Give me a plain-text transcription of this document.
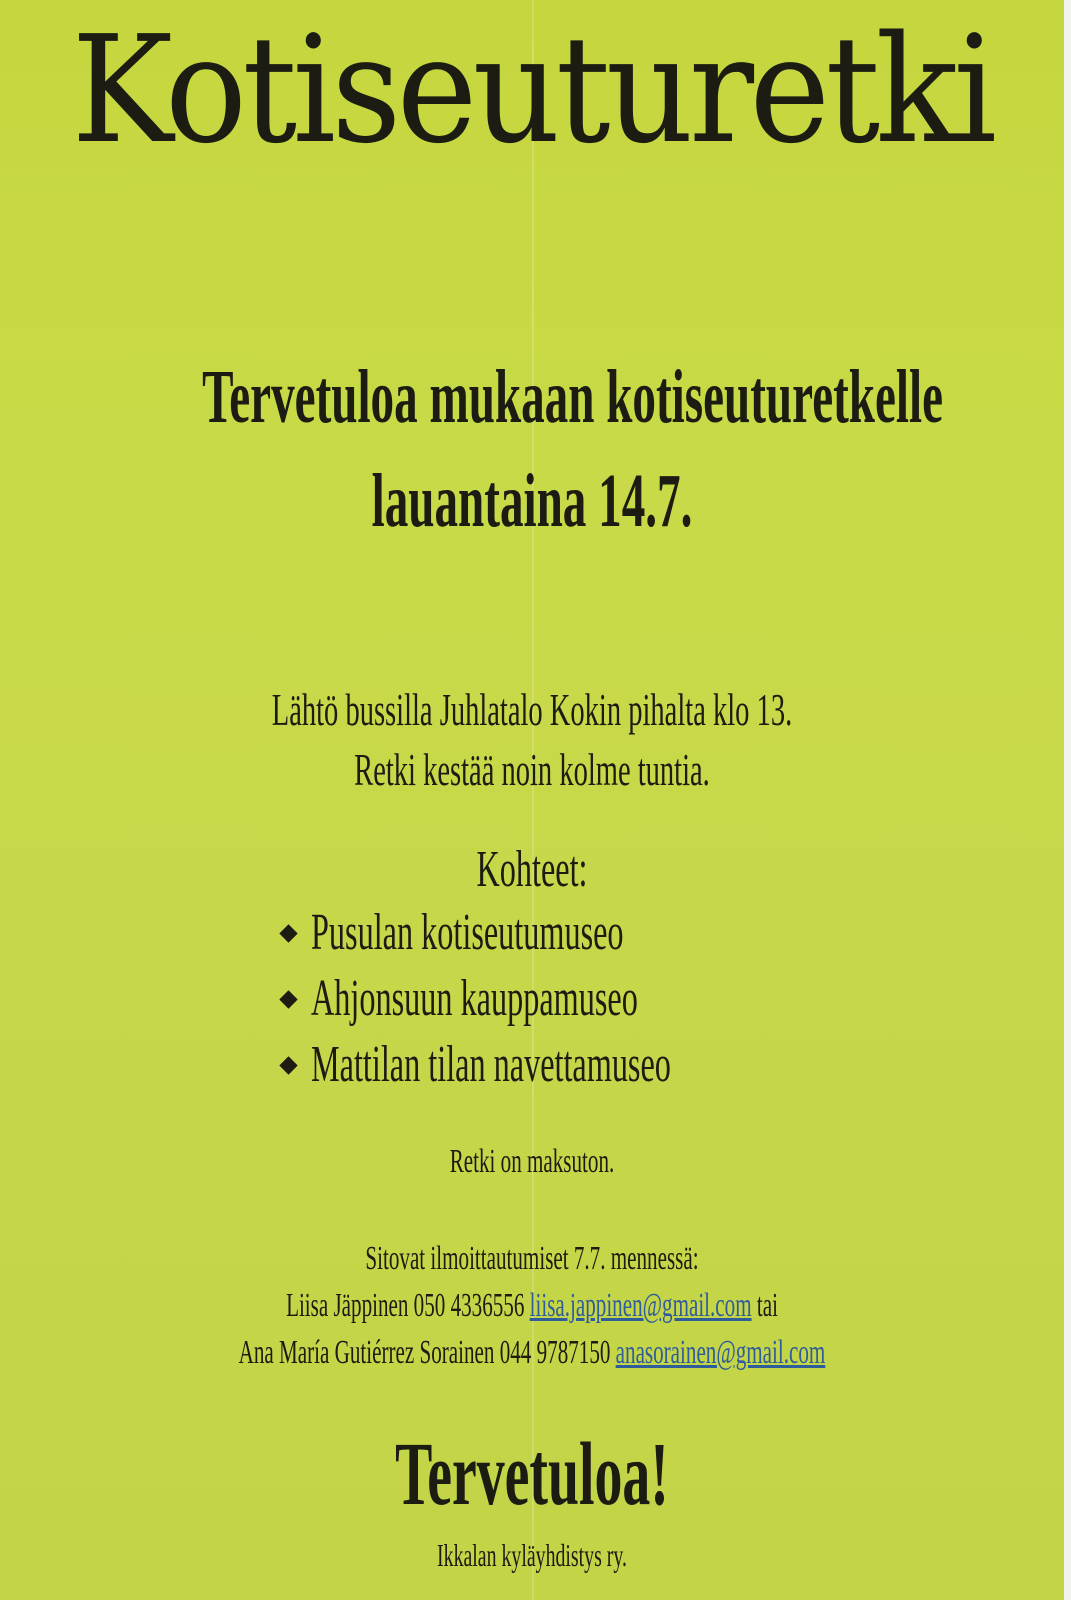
Kotiseuturetki
Tervetuloa mukaan kotiseuturetkelle
lauantaina 14.7.
Lähtö bussilla Juhlatalo Kokin pihalta klo 13.
Retki kestää noin kolme tuntia.
Kohteet:
Pusulan kotiseutumuseo
Ahjonsuun kauppamuseo
Mattilan tilan navettamuseo
Retki on maksuton.
Sitovat ilmoittautumiset 7.7. mennessä:
Liisa Jäppinen 050 4336556 liisa.jappinen@gmail.com tai
Ana María Gutiérrez Sorainen 044 9787150 anasorainen@gmail.com
Tervetuloa!
Ikkalan kyläyhdistys ry.
